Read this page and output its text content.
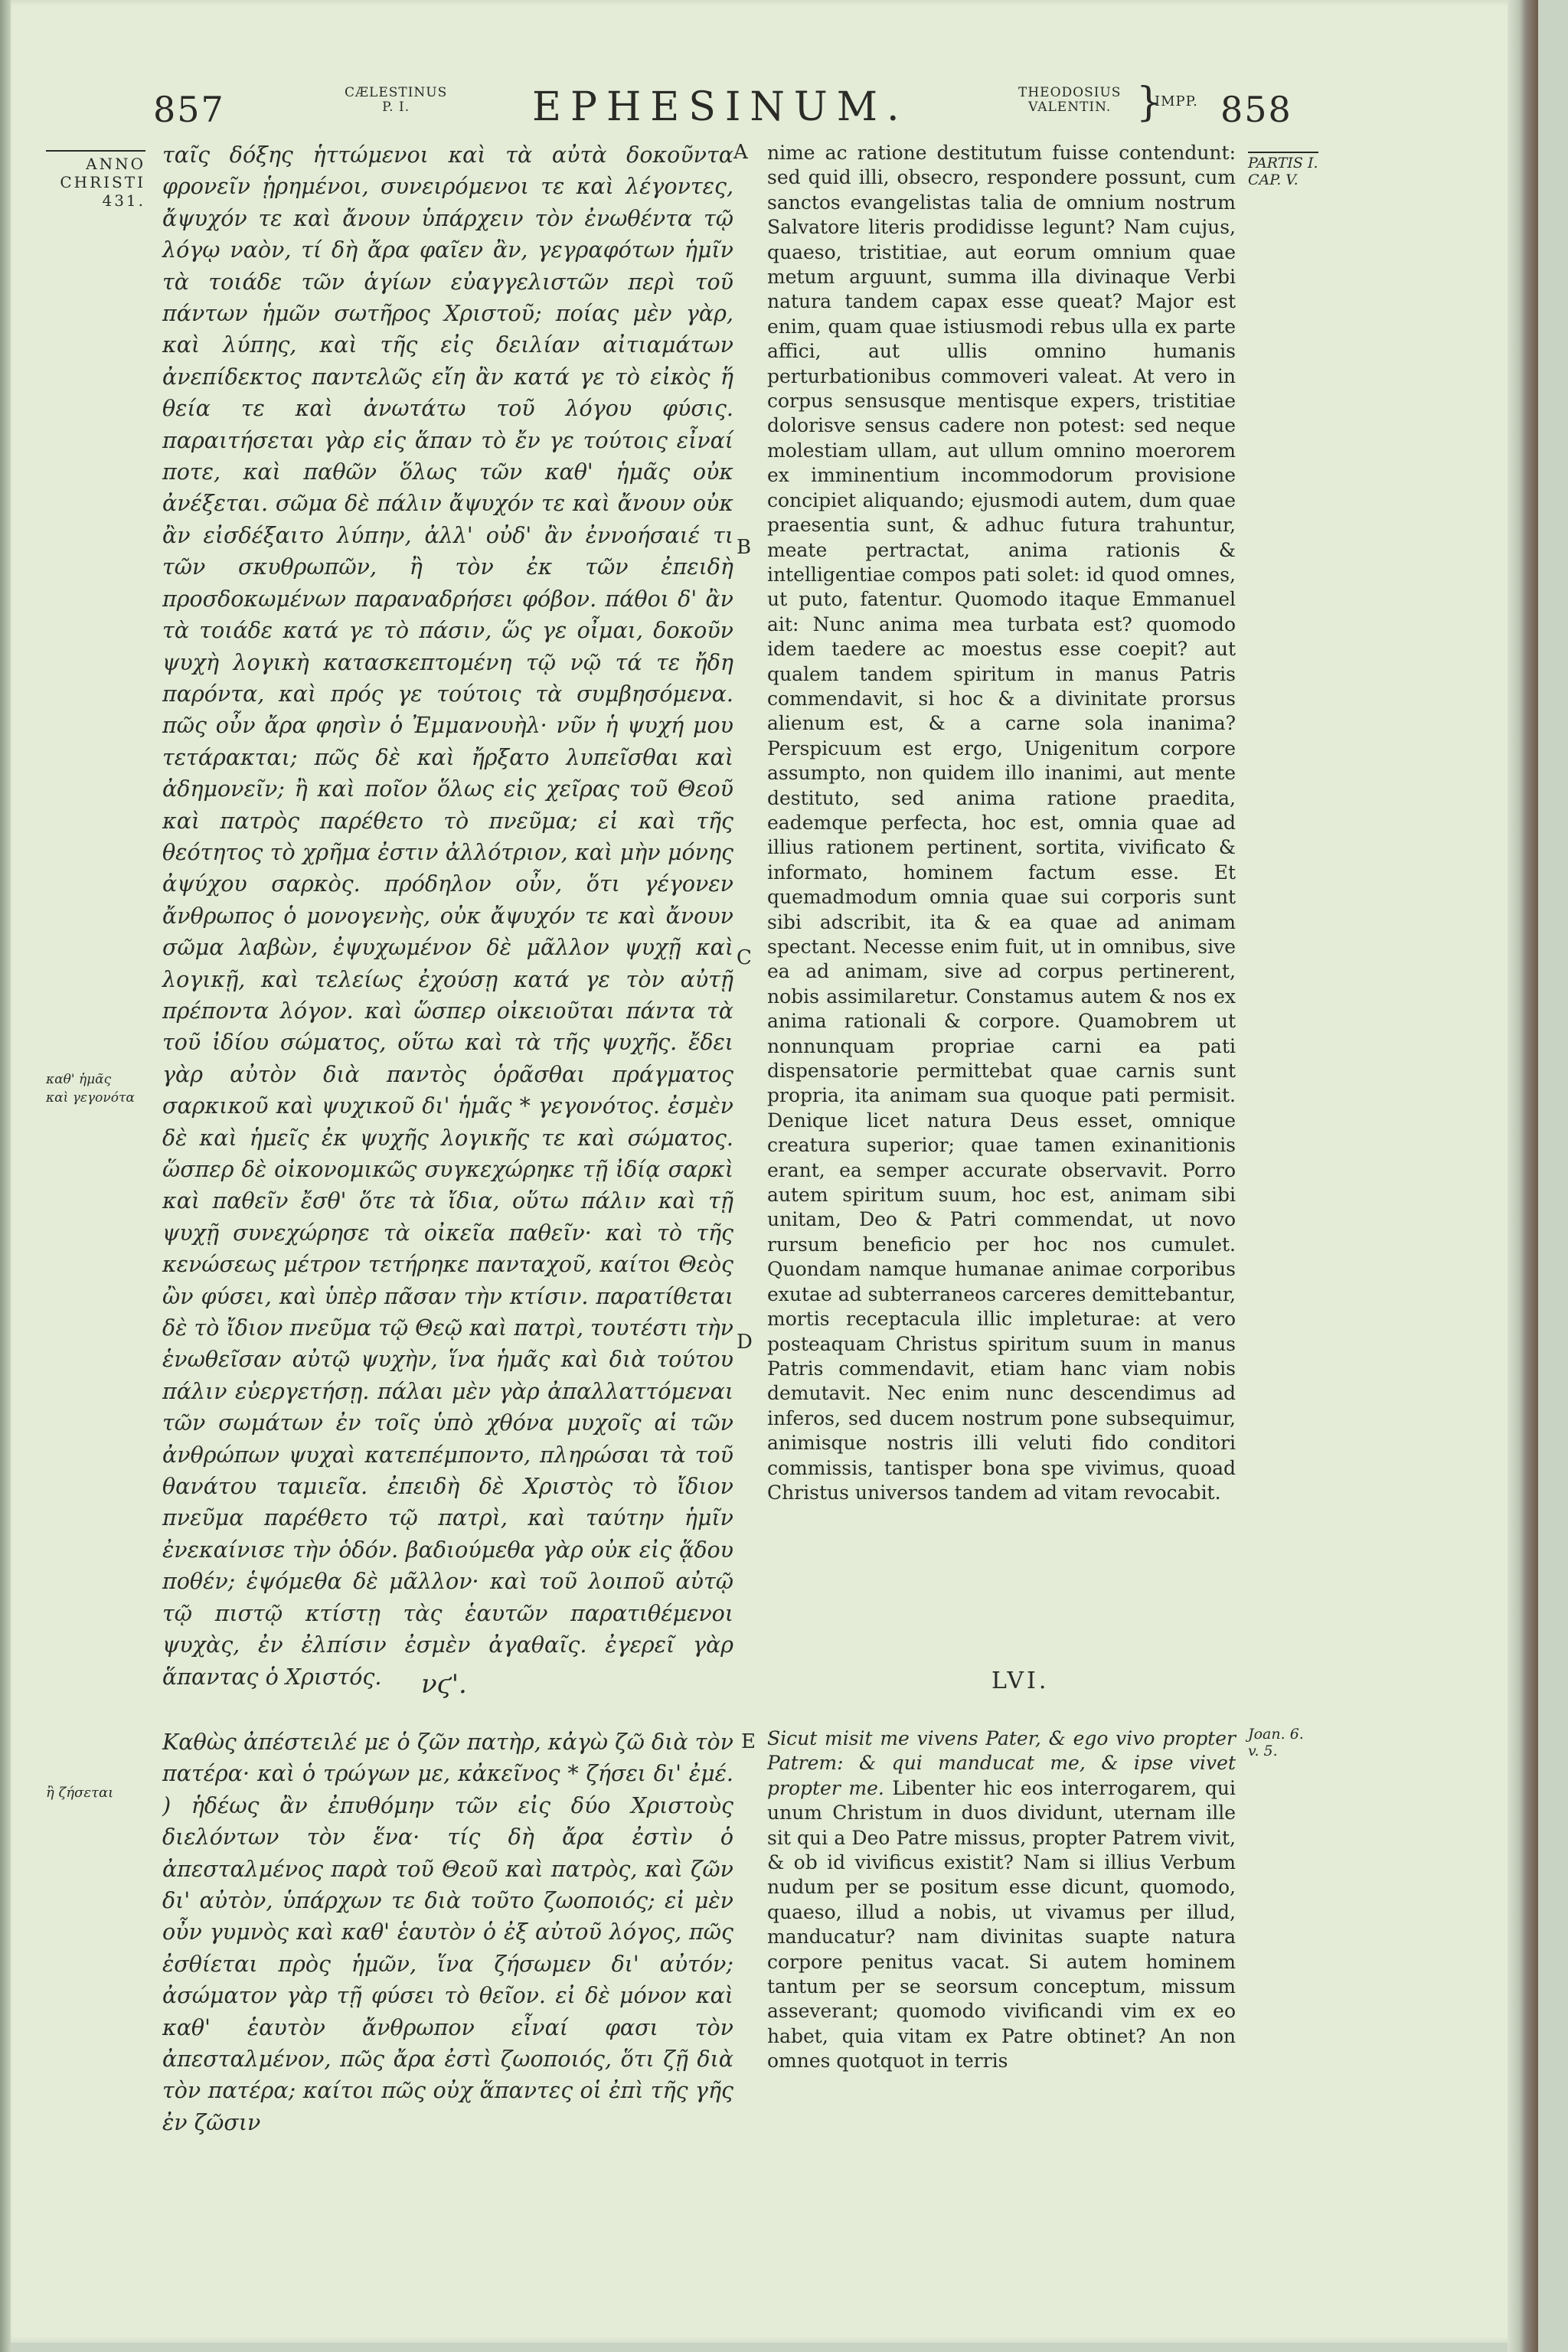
857	CÆLESTINUS
P. I.	EPHESINUM.	THEODOSIUS
VALENTIN. }
IMPP. 858
ANNO
CHRISTI
431.
καθ' ἡμᾶς
καὶ γεγονότα
ἢ ζήσεται
PARTIS I.
CAP. V.
Joan. 6.
v. 5.
A
B
C
D
E

ταῖς δόξης ἡττώμενοι καὶ τὰ αὐτὰ δοκοῦντα φρονεῖν ᾑρημένοι, συνειρόμενοι τε καὶ λέγοντες, ἄψυχόν τε καὶ ἄνουν ὑπάρχειν τὸν ἐνωθέντα τῷ λόγῳ ναὸν, τί δὴ ἄρα φαῖεν ἂν, γεγραφότων ἡμῖν τὰ τοιάδε τῶν ἁγίων εὐαγγελιστῶν περὶ τοῦ πάντων ἡμῶν σωτῆρος Χριστοῦ; ποίας μὲν γὰρ, καὶ λύπης, καὶ τῆς εἰς δειλίαν αἰτιαμάτων ἀνεπίδεκτος παντελῶς εἴη ἂν κατά γε τὸ εἰκὸς ἥ θεία τε καὶ ἀνωτάτω τοῦ λόγου φύσις. παραιτήσεται γὰρ εἰς ἅπαν τὸ ἔν γε τούτοις εἶναί ποτε, καὶ παθῶν ὅλως τῶν καθ' ἡμᾶς οὐκ ἀνέξεται. σῶμα δὲ πάλιν ἄψυχόν τε καὶ ἄνουν οὐκ ἂν εἰσδέξαιτο λύπην, ἀλλ' οὐδ' ἂν ἐννοήσαιέ τι τῶν σκυθρωπῶν, ἢ τὸν ἐκ τῶν ἐπειδὴ προσδοκωμένων παραναδρήσει φόβον. πάθοι δ' ἂν τὰ τοιάδε κατά γε τὸ πάσιν, ὥς γε οἶμαι, δοκοῦν ψυχὴ λογικὴ κατασκεπτομένη τῷ νῷ τά τε ἤδη παρόντα, καὶ πρός γε τούτοις τὰ συμβησόμενα. πῶς οὖν ἄρα φησὶν ὁ Ἐμμανουὴλ· νῦν ἡ ψυχή μου τετάρακται; πῶς δὲ καὶ ἤρξατο λυπεῖσθαι καὶ ἀδημονεῖν; ἢ καὶ ποῖον ὅλως εἰς χεῖρας τοῦ Θεοῦ καὶ πατρὸς παρέθετο τὸ πνεῦμα; εἰ καὶ τῆς θεότητος τὸ χρῆμα ἐστιν ἀλλότριον, καὶ μὴν μόνης ἀψύχου σαρκὸς. πρόδηλον οὖν, ὅτι γέγονεν ἄνθρωπος ὁ μονογενὴς, οὐκ ἄψυχόν τε καὶ ἄνουν σῶμα λαβὼν, ἐψυχωμένον δὲ μᾶλλον ψυχῇ καὶ λογικῇ, καὶ τελείως ἐχούσῃ κατά γε τὸν αὐτῇ πρέποντα λόγον. καὶ ὥσπερ οἰκειοῦται πάντα τὰ τοῦ ἰδίου σώματος, οὕτω καὶ τὰ τῆς ψυχῆς. ἔδει γὰρ αὐτὸν διὰ παντὸς ὁρᾶσθαι πράγματος σαρκικοῦ καὶ ψυχικοῦ δι' ἡμᾶς * γεγονότος. ἐσμὲν δὲ καὶ ἡμεῖς ἐκ ψυχῆς λογικῆς τε καὶ σώματος. ὥσπερ δὲ οἰκονομικῶς συγκεχώρηκε τῇ ἰδίᾳ σαρκὶ καὶ παθεῖν ἔσθ' ὅτε τὰ ἴδια, οὕτω πάλιν καὶ τῇ ψυχῇ συνεχώρησε τὰ οἰκεῖα παθεῖν· καὶ τὸ τῆς κενώσεως μέτρον τετήρηκε πανταχοῦ, καίτοι Θεὸς ὢν φύσει, καὶ ὑπὲρ πᾶσαν τὴν κτίσιν. παρατίθεται δὲ τὸ ἴδιον πνεῦμα τῷ Θεῷ καὶ πατρὶ, τουτέστι τὴν ἑνωθεῖσαν αὐτῷ ψυχὴν, ἵνα ἡμᾶς καὶ διὰ τούτου πάλιν εὐεργετήσῃ. πάλαι μὲν γὰρ ἀπαλλαττόμεναι τῶν σωμάτων ἐν τοῖς ὑπὸ χθόνα μυχοῖς αἱ τῶν ἀνθρώπων ψυχαὶ κατεπέμποντο, πληρώσαι τὰ τοῦ θανάτου ταμιεῖα. ἐπειδὴ δὲ Χριστὸς τὸ ἴδιον πνεῦμα παρέθετο τῷ πατρὶ, καὶ ταύτην ἡμῖν ἐνεκαίνισε τὴν ὁδόν. βαδιούμεθα γὰρ οὐκ εἰς ᾅδου ποθέν; ἑψόμεθα δὲ μᾶλλον· καὶ τοῦ λοιποῦ αὐτῷ τῷ πιστῷ κτίστῃ τὰς ἑαυτῶν παρατιθέμενοι ψυχὰς, ἐν ἐλπίσιν ἐσμὲν ἀγαθαῖς. ἐγερεῖ γὰρ ἅπαντας ὁ Χριστός.

nime ac ratione destitutum fuisse contendunt: sed quid illi, obsecro, respondere possunt, cum sanctos evangelistas talia de omnium nostrum Salvatore literis prodidisse legunt? Nam cujus, quaeso, tristitiae, aut eorum omnium quae metum arguunt, summa illa divinaque Verbi natura tandem capax esse queat? Major est enim, quam quae istiusmodi rebus ulla ex parte affici, aut ullis omnino humanis perturbationibus commoveri valeat. At vero in corpus sensusque mentisque expers, tristitiae dolorisve sensus cadere non potest: sed neque molestiam ullam, aut ullum omnino moerorem ex imminentium incommodorum provisione concipiet aliquando; ejusmodi autem, dum quae praesentia sunt, & adhuc futura trahuntur, meate pertractat, anima rationis & intelligentiae compos pati solet: id quod omnes, ut puto, fatentur. Quomodo itaque Emmanuel ait: Nunc anima mea turbata est? quomodo idem taedere ac moestus esse coepit? aut qualem tandem spiritum in manus Patris commendavit, si hoc & a divinitate prorsus alienum est, & a carne sola inanima? Perspicuum est ergo, Unigenitum corpore assumpto, non quidem illo inanimi, aut mente destituto, sed anima ratione praedita, eademque perfecta, hoc est, omnia quae ad illius rationem pertinent, sortita, vivificato & informato, hominem factum esse. Et quemadmodum omnia quae sui corporis sunt sibi adscribit, ita & ea quae ad animam spectant. Necesse enim fuit, ut in omnibus, sive ea ad animam, sive ad corpus pertinerent, nobis assimilaretur. Constamus autem & nos ex anima rationali & corpore. Quamobrem ut nonnunquam propriae carni ea pati dispensatorie permittebat quae carnis sunt propria, ita animam sua quoque pati permisit. Denique licet natura Deus esset, omnique creatura superior; quae tamen exinanitionis erant, ea semper accurate observavit. Porro autem spiritum suum, hoc est, animam sibi unitam, Deo & Patri commendat, ut novo rursum beneficio per hoc nos cumulet. Quondam namque humanae animae corporibus exutae ad subterraneos carceres demittebantur, mortis receptacula illic impleturae: at vero posteaquam Christus spiritum suum in manus Patris commendavit, etiam hanc viam nobis demutavit. Nec enim nunc descendimus ad inferos, sed ducem nostrum pone subsequimur, animisque nostris illi veluti fido conditori commissis, tantisper bona spe vivimus, quoad Christus universos tandem ad vitam revocabit.

νϛ'.	LVI.

Καθὼς ἀπέστειλέ με ὁ ζῶν πατὴρ, κἀγὼ ζῶ διὰ τὸν πατέρα· καὶ ὁ τρώγων με, κἀκεῖνος * ζήσει δι' ἐμέ. ) ἡδέως ἂν ἐπυθόμην τῶν εἰς δύο Χριστοὺς διελόντων τὸν ἕνα· τίς δὴ ἄρα ἐστὶν ὁ ἀπεσταλμένος παρὰ τοῦ Θεοῦ καὶ πατρὸς, καὶ ζῶν δι' αὐτὸν, ὑπάρχων τε διὰ τοῦτο ζωοποιός; εἰ μὲν οὖν γυμνὸς καὶ καθ' ἑαυτὸν ὁ ἐξ αὐτοῦ λόγος, πῶς ἐσθίεται πρὸς ἡμῶν, ἵνα ζήσωμεν δι' αὐτόν; ἀσώματον γὰρ τῇ φύσει τὸ θεῖον. εἰ δὲ μόνον καὶ καθ' ἑαυτὸν ἄνθρωπον εἶναί φασι τὸν ἀπεσταλμένον, πῶς ἄρα ἐστὶ ζωοποιός, ὅτι ζῇ διὰ τὸν πατέρα; καίτοι πῶς οὐχ ἅπαντες οἱ ἐπὶ τῆς γῆς ἐν ζῶσιν

Sicut misit me vivens Pater, & ego vivo propter Patrem: & qui manducat me, & ipse vivet propter me. Libenter hic eos interrogarem, qui unum Christum in duos dividunt, uternam ille sit qui a Deo Patre missus, propter Patrem vivit, & ob id vivificus existit? Nam si illius Verbum nudum per se positum esse dicunt, quomodo, quaeso, illud a nobis, ut vivamus per illud, manducatur? nam divinitas suapte natura corpore penitus vacat. Si autem hominem tantum per se seorsum conceptum, missum asseverant; quomodo vivificandi vim ex eo habet, quia vitam ex Patre obtinet? An non omnes quotquot in terris
